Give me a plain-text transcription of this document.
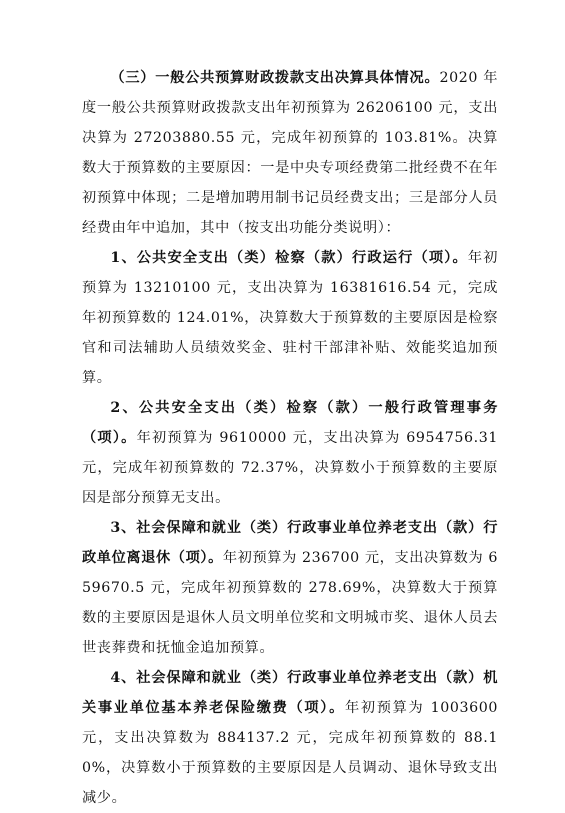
（三）一般公共预算财政拨款支出决算具体情况。2020 年度一般公共预算财政拨款支出年初预算为 26206100 元，支出决算为 27203880.55 元，完成年初预算的 103.81%。决算数大于预算数的主要原因：一是中央专项经费第二批经费不在年初预算中体现；二是增加聘用制书记员经费支出；三是部分人员经费由年中追加，其中（按支出功能分类说明）：

1、公共安全支出（类）检察（款）行政运行（项）。年初预算为 13210100 元，支出决算为 16381616.54 元，完成年初预算数的 124.01%，决算数大于预算数的主要原因是检察官和司法辅助人员绩效奖金、驻村干部津补贴、效能奖追加预算。

2、公共安全支出（类）检察（款）一般行政管理事务（项）。年初预算为 9610000 元，支出决算为 6954756.31 元，完成年初预算数的 72.37%，决算数小于预算数的主要原因是部分预算无支出。

3、社会保障和就业（类）行政事业单位养老支出（款）行政单位离退休（项）。年初预算为 236700 元，支出决算数为 659670.5 元，完成年初预算数的 278.69%，决算数大于预算数的主要原因是退休人员文明单位奖和文明城市奖、退休人员去世丧葬费和抚恤金追加预算。

4、社会保障和就业（类）行政事业单位养老支出（款）机关事业单位基本养老保险缴费（项）。年初预算为 1003600 元，支出决算数为 884137.2 元，完成年初预算数的 88.10%，决算数小于预算数的主要原因是人员调动、退休导致支出减少。
